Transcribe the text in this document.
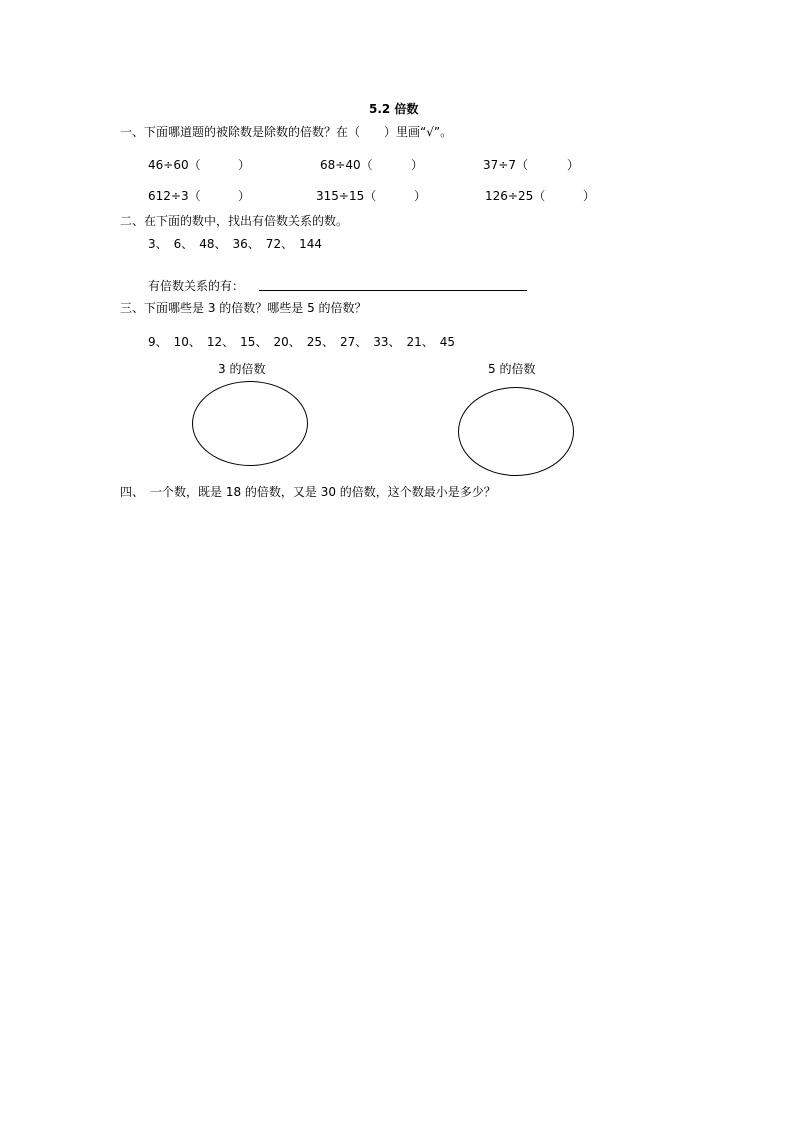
5.2 倍数
一、下面哪道题的被除数是除数的倍数？在（　　）里画“√”。
46÷60（	）	68÷40（	）	37÷7（	）
612÷3（	）	315÷15（	）	126÷25（	）
二、在下面的数中，找出有倍数关系的数。
3、　6、　48、　36、　72、　144
有倍数关系的有：
三、下面哪些是 3 的倍数？哪些是 5 的倍数？
9、　10、　12、　15、　20、　25、　27、　33、　21、　45
3 的倍数	5 的倍数
四、　一个数，既是 18 的倍数，又是 30 的倍数，这个数最小是多少？
